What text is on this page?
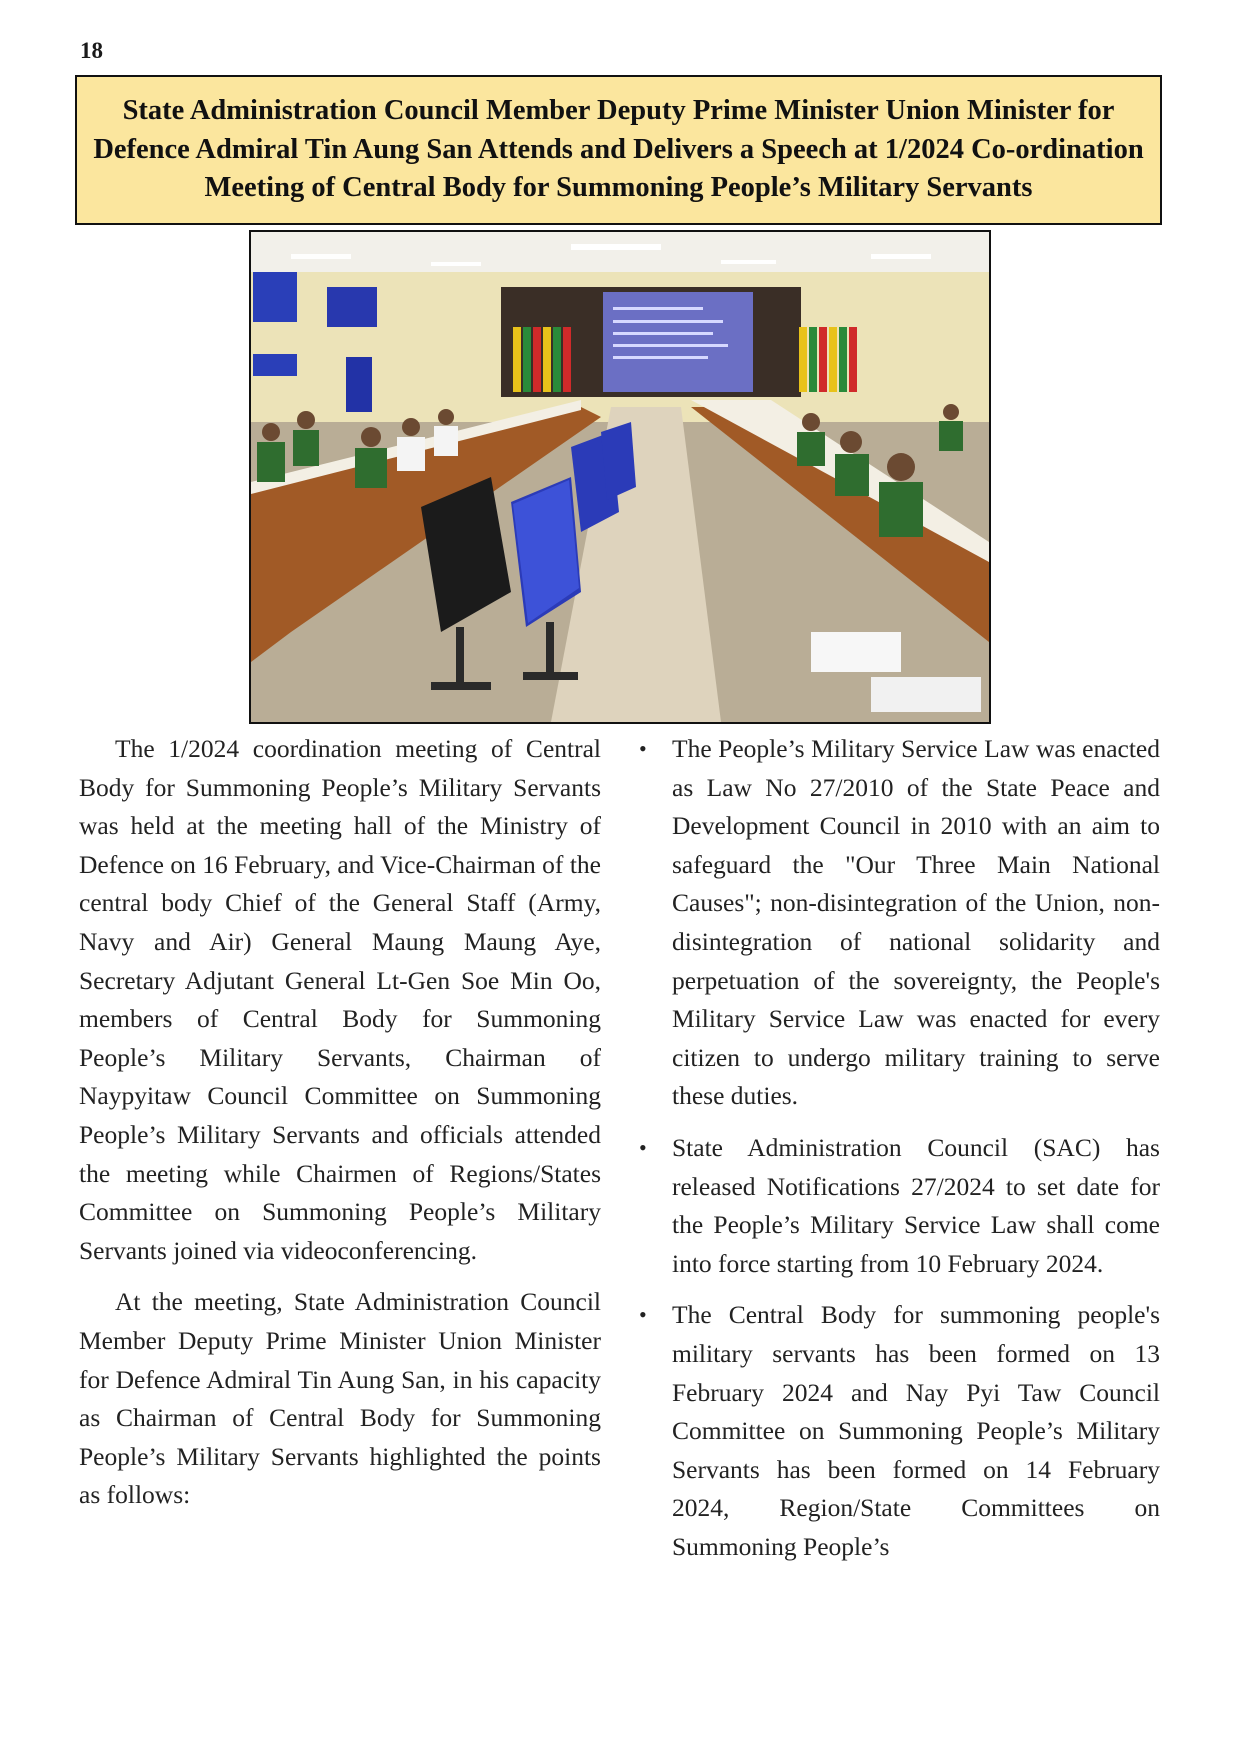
18
State Administration Council Member Deputy Prime Minister Union Minister for Defence Admiral Tin Aung San Attends and Delivers a Speech at 1/2024 Co-ordination Meeting of Central Body for Summoning People’s Military Servants

The 1/2024 coordination meeting of Central Body for Summoning People’s Military Servants was held at the meeting hall of the Ministry of Defence on 16 February, and Vice-Chairman of the central body Chief of the General Staff (Army, Navy and Air) General Maung Maung Aye, Secretary Adjutant General Lt-Gen Soe Min Oo, members of Central Body for Summoning People’s Military Servants, Chairman of Naypyitaw Council Committee on Summoning People’s Military Servants and officials attended the meeting while Chairmen of Regions/States Committee on Summoning People’s Military Servants joined via videoconferencing.

At the meeting, State Administration Council Member Deputy Prime Minister Union Minister for Defence Admiral Tin Aung San, in his capacity as Chairman of Central Body for Summoning People’s Military Servants highlighted the points as follows:

• The People’s Military Service Law was enacted as Law No 27/2010 of the State Peace and Development Council in 2010 with an aim to safeguard the "Our Three Main National Causes"; non-disintegration of the Union, non-disintegration of national solidarity and perpetuation of the sovereignty, the People's Military Service Law was enacted for every citizen to undergo military training to serve these duties.
• State Administration Council (SAC) has released Notifications 27/2024 to set date for the People’s Military Service Law shall come into force starting from 10 February 2024.
• The Central Body for summoning people's military servants has been formed on 13 February 2024 and Nay Pyi Taw Council Committee on Summoning People’s Military Servants has been formed on 14 February 2024, Region/State Committees on Summoning People’s
